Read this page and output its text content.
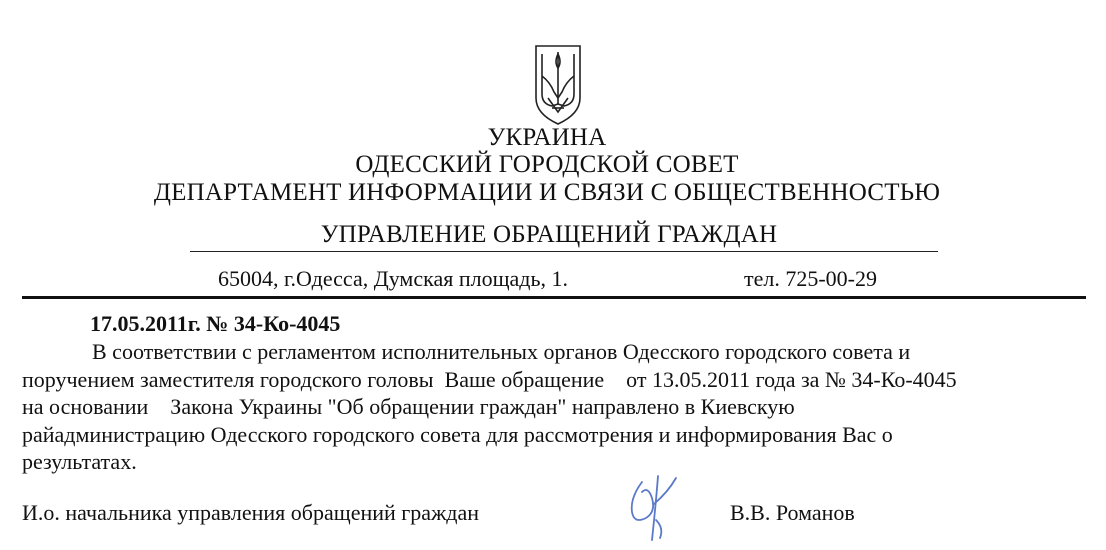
УКРАИНА
ОДЕССКИЙ ГОРОДСКОЙ СОВЕТ
ДЕПАРТАМЕНТ ИНФОРМАЦИИ И СВЯЗИ С ОБЩЕСТВЕННОСТЬЮ
УПРАВЛЕНИЕ ОБРАЩЕНИЙ ГРАЖДАН
65004, г.Одесса, Думская площадь, 1.	тел. 725-00-29
17.05.2011г. № 34-Ко-4045
В соответствии с регламентом исполнительных органов Одесского городского совета и
поручением заместителя городского головы  Ваше обращение    от 13.05.2011 года за № 34-Ко-4045
на основании    Закона Украины "Об обращении граждан" направлено в Киевскую
райадминистрацию Одесского городского совета для рассмотрения и информирования Вас о
результатах.
И.о. начальника управления обращений граждан	В.В. Романов
